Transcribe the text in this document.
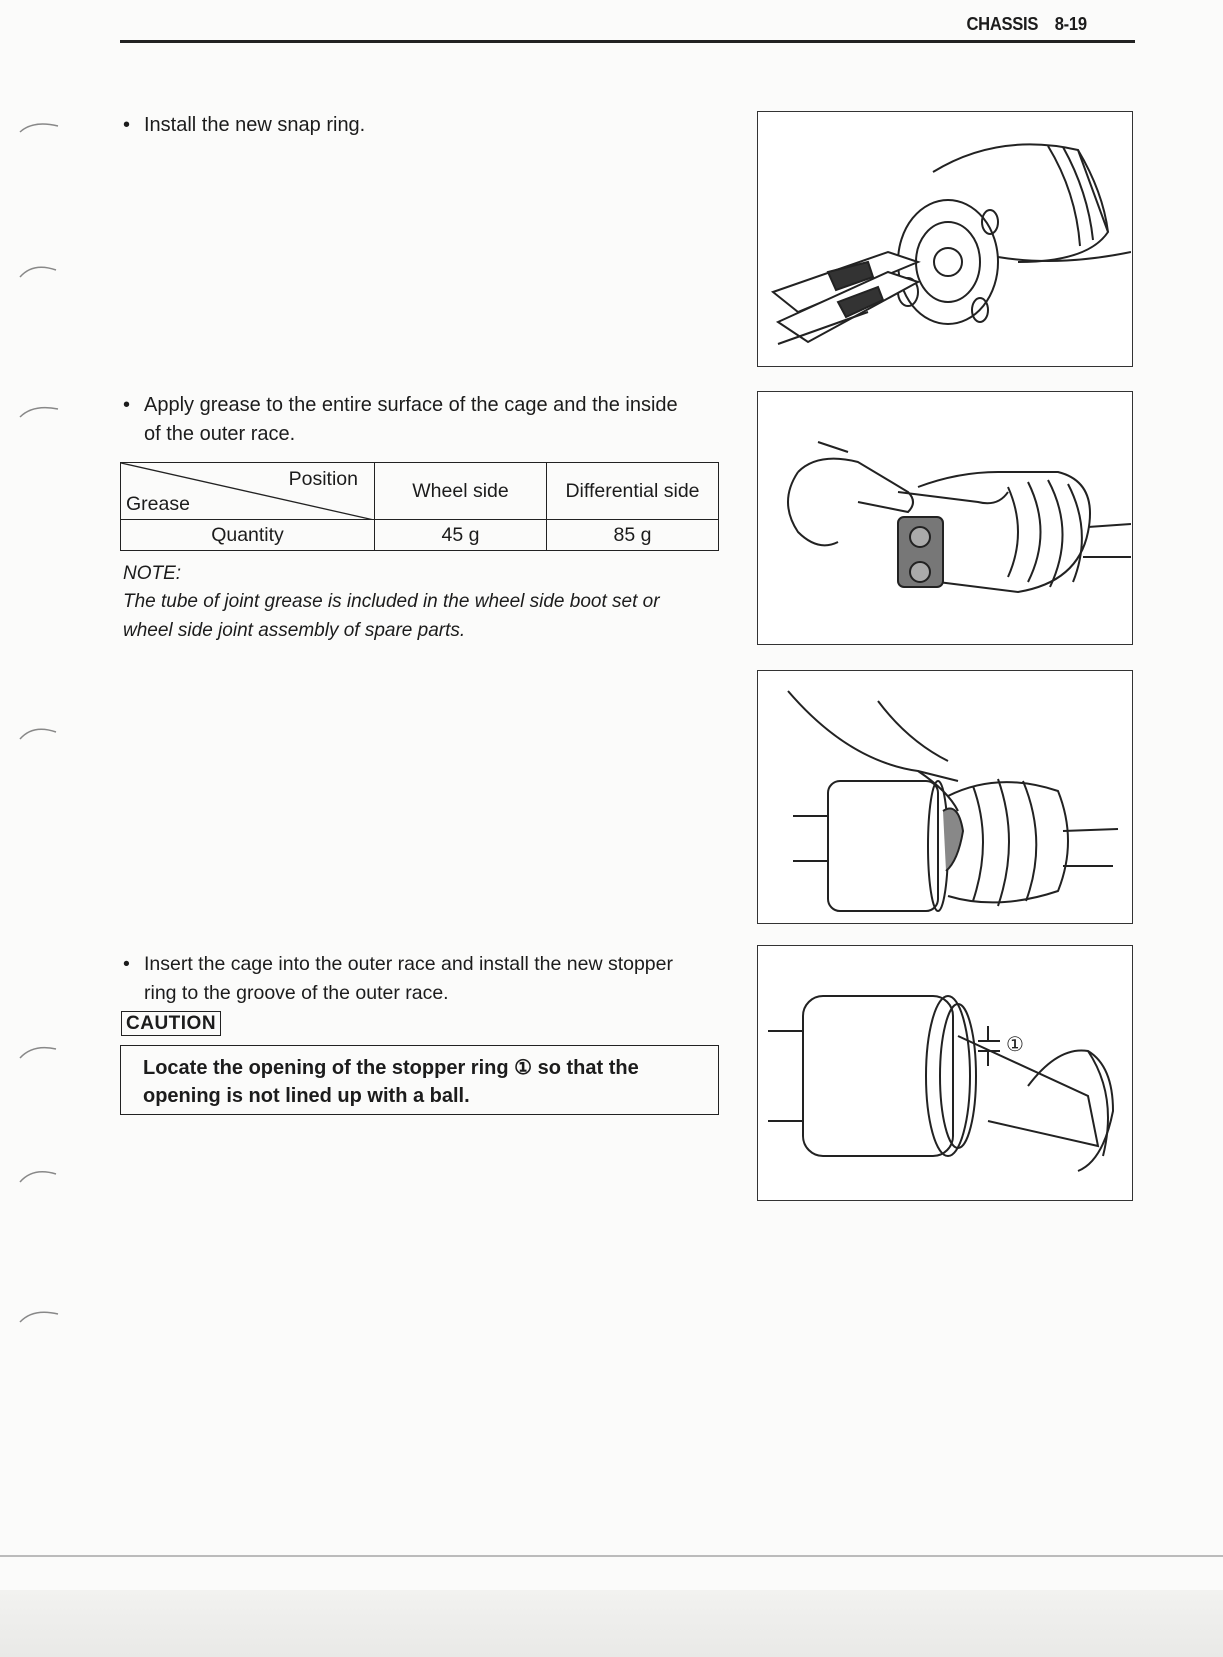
CHASSIS 8-19
• Install the new snap ring.
• Apply grease to the entire surface of the cage and the inside
of the outer race.
Position
Grease	Wheel side	Differential side
Quantity	45 g	85 g
NOTE:
The tube of joint grease is included in the wheel side boot set or
wheel side joint assembly of spare parts.
• Insert the cage into the outer race and install the new stopper
ring to the groove of the outer race.
CAUTION
Locate the opening of the stopper ring ① so that the
opening is not lined up with a ball.
①
